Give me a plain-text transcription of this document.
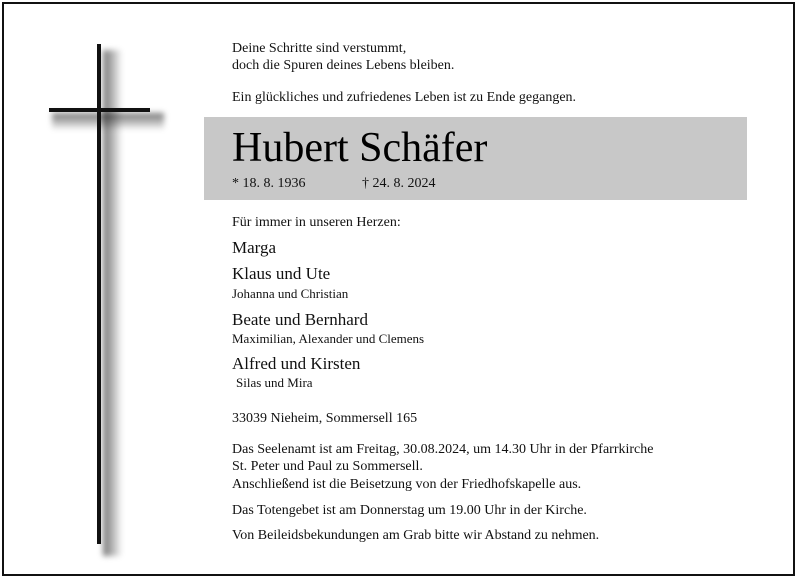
Deine Schritte sind verstummt,
doch die Spuren deines Lebens bleiben.
Ein glückliches und zufriedenes Leben ist zu Ende gegangen.
Hubert Schäfer
* 18. 8. 1936	† 24. 8. 2024
Für immer in unseren Herzen:
Marga
Klaus und Ute
Johanna und Christian
Beate und Bernhard
Maximilian, Alexander und Clemens
Alfred und Kirsten
Silas und Mira
33039 Nieheim, Sommersell 165
Das Seelenamt ist am Freitag, 30.08.2024, um 14.30 Uhr in der Pfarrkirche
St. Peter und Paul zu Sommersell.
Anschließend ist die Beisetzung von der Friedhofskapelle aus.
Das Totengebet ist am Donnerstag um 19.00 Uhr in der Kirche.
Von Beileidsbekundungen am Grab bitte wir Abstand zu nehmen.
